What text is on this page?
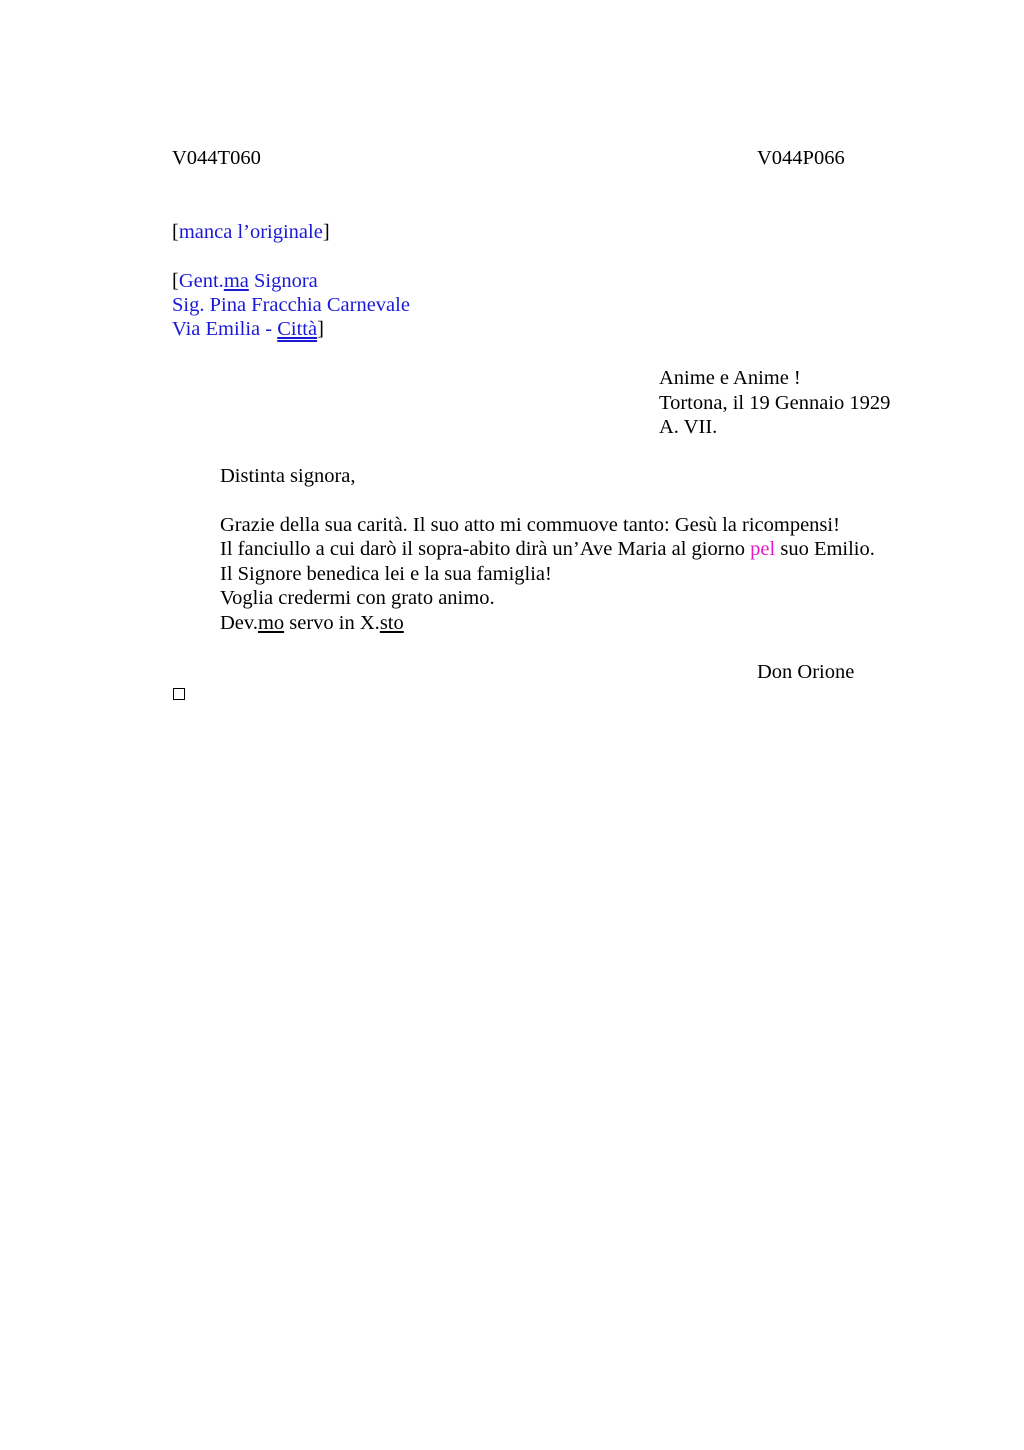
V044T060	V044P066
[manca l’originale]
[Gent.ma Signora
Sig. Pina Fracchia Carnevale
Via Emilia - Città]
Anime e Anime !
Tortona, il 19 Gennaio 1929
A. VII.
Distinta signora,
Grazie della sua carità. Il suo atto mi commuove tanto: Gesù la ricompensi!
Il fanciullo a cui darò il sopra-abito dirà un’Ave Maria al giorno pel suo Emilio.
Il Signore benedica lei e la sua famiglia!
Voglia credermi con grato animo.
Dev.mo servo in X.sto
Don Orione
